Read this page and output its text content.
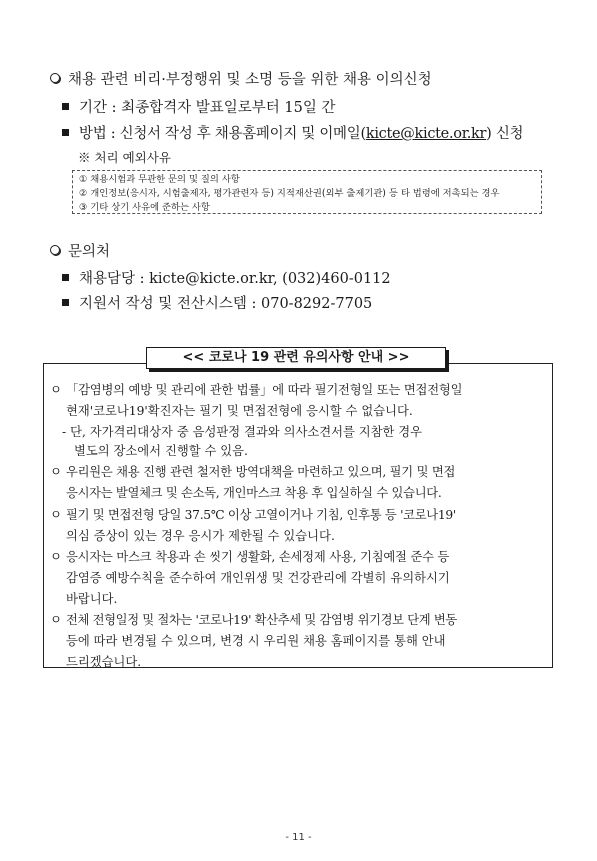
채용 관련 비리·부정행위 및 소명 등을 위한 채용 이의신청
기간 : 최종합격자 발표일로부터 15일 간
방법 : 신청서 작성 후 채용홈페이지 및 이메일(kicte@kicte.or.kr) 신청
※ 처리 예외사유
① 채용시험과 무관한 문의 및 질의 사항
② 개인정보(응시자, 시험출제자, 평가관련자 등) 지적재산권(외부 출제기관) 등 타 법령에 저촉되는 경우
③ 기타 상기 사유에 준하는 사항
문의처
채용담당 : kicte@kicte.or.kr, (032)460-0112
지원서 작성 및 전산시스템 : 070-8292-7705
<< 코로나 19 관련 유의사항 안내 >>
ㅇ
ㅇ
ㅇ
ㅇ
ㅇ
「감염병의 예방 및 관리에 관한 법률」에 따라 필기전형일 또는 면접전형일
현재'코로나19'확진자는 필기 및 면접전형에 응시할 수 없습니다.
- 단, 자가격리대상자 중 음성판정 결과와 의사소견서를 지참한 경우
별도의 장소에서 진행할 수 있음.
우리원은 채용 진행 관련 철저한 방역대책을 마련하고 있으며, 필기 및 면접
응시자는 발열체크 및 손소독, 개인마스크 착용 후 입실하실 수 있습니다.
필기 및 면접전형 당일 37.5℃ 이상 고열이거나 기침, 인후통 등 '코로나19'
의심 증상이 있는 경우 응시가 제한될 수 있습니다.
응시자는 마스크 착용과 손 씻기 생활화, 손세정제 사용, 기침예절 준수 등
감염증 예방수칙을 준수하여 개인위생 및 건강관리에 각별히 유의하시기
바랍니다.
전체 전형일정 및 절차는 '코로나19' 확산추세 및 감염병 위기경보 단계 변동
등에 따라 변경될 수 있으며, 변경 시 우리원 채용 홈페이지를 통해 안내
드리겠습니다.
- 11 -
